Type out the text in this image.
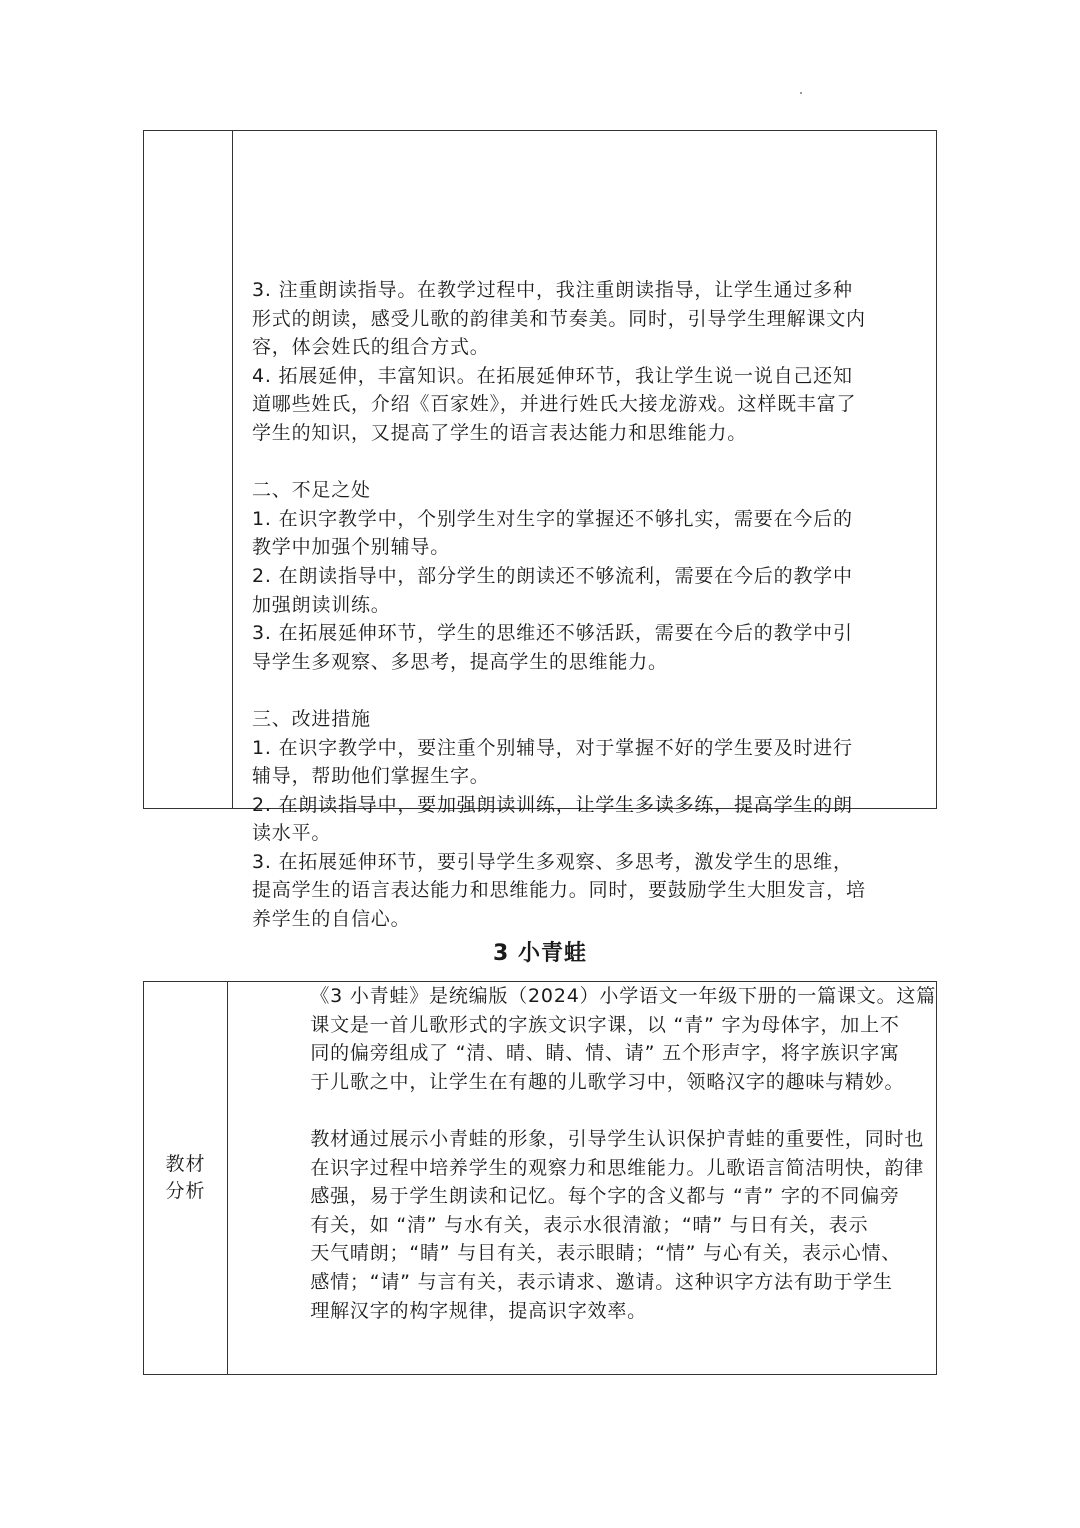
3. 注重朗读指导。在教学过程中，我注重朗读指导，让学生通过多种
形式的朗读，感受儿歌的韵律美和节奏美。同时，引导学生理解课文内
容，体会姓氏的组合方式。
4. 拓展延伸，丰富知识。在拓展延伸环节，我让学生说一说自己还知
道哪些姓氏，介绍《百家姓》，并进行姓氏大接龙游戏。这样既丰富了
学生的知识，又提高了学生的语言表达能力和思维能力。
二、不足之处
1. 在识字教学中，个别学生对生字的掌握还不够扎实，需要在今后的
教学中加强个别辅导。
2. 在朗读指导中，部分学生的朗读还不够流利，需要在今后的教学中
加强朗读训练。
3. 在拓展延伸环节，学生的思维还不够活跃，需要在今后的教学中引
导学生多观察、多思考，提高学生的思维能力。
三、改进措施
1. 在识字教学中，要注重个别辅导，对于掌握不好的学生要及时进行
辅导，帮助他们掌握生字。
2. 在朗读指导中，要加强朗读训练，让学生多读多练，提高学生的朗
读水平。
3. 在拓展延伸环节，要引导学生多观察、多思考，激发学生的思维，
提高学生的语言表达能力和思维能力。同时，要鼓励学生大胆发言，培
养学生的自信心。
3 小青蛙
教材
分析
《3 小青蛙》是统编版（2024）小学语文一年级下册的一篇课文。这篇
课文是一首儿歌形式的字族文识字课，以 “青” 字为母体字，加上不
同的偏旁组成了 “清、晴、睛、情、请” 五个形声字，将字族识字寓
于儿歌之中，让学生在有趣的儿歌学习中，领略汉字的趣味与精妙。
教材通过展示小青蛙的形象，引导学生认识保护青蛙的重要性，同时也
在识字过程中培养学生的观察力和思维能力。儿歌语言简洁明快，韵律
感强，易于学生朗读和记忆。每个字的含义都与 “青” 字的不同偏旁
有关，如 “清” 与水有关，表示水很清澈；“晴” 与日有关，表示
天气晴朗；“睛” 与目有关，表示眼睛；“情” 与心有关，表示心情、
感情；“请” 与言有关，表示请求、邀请。这种识字方法有助于学生
理解汉字的构字规律，提高识字效率。
